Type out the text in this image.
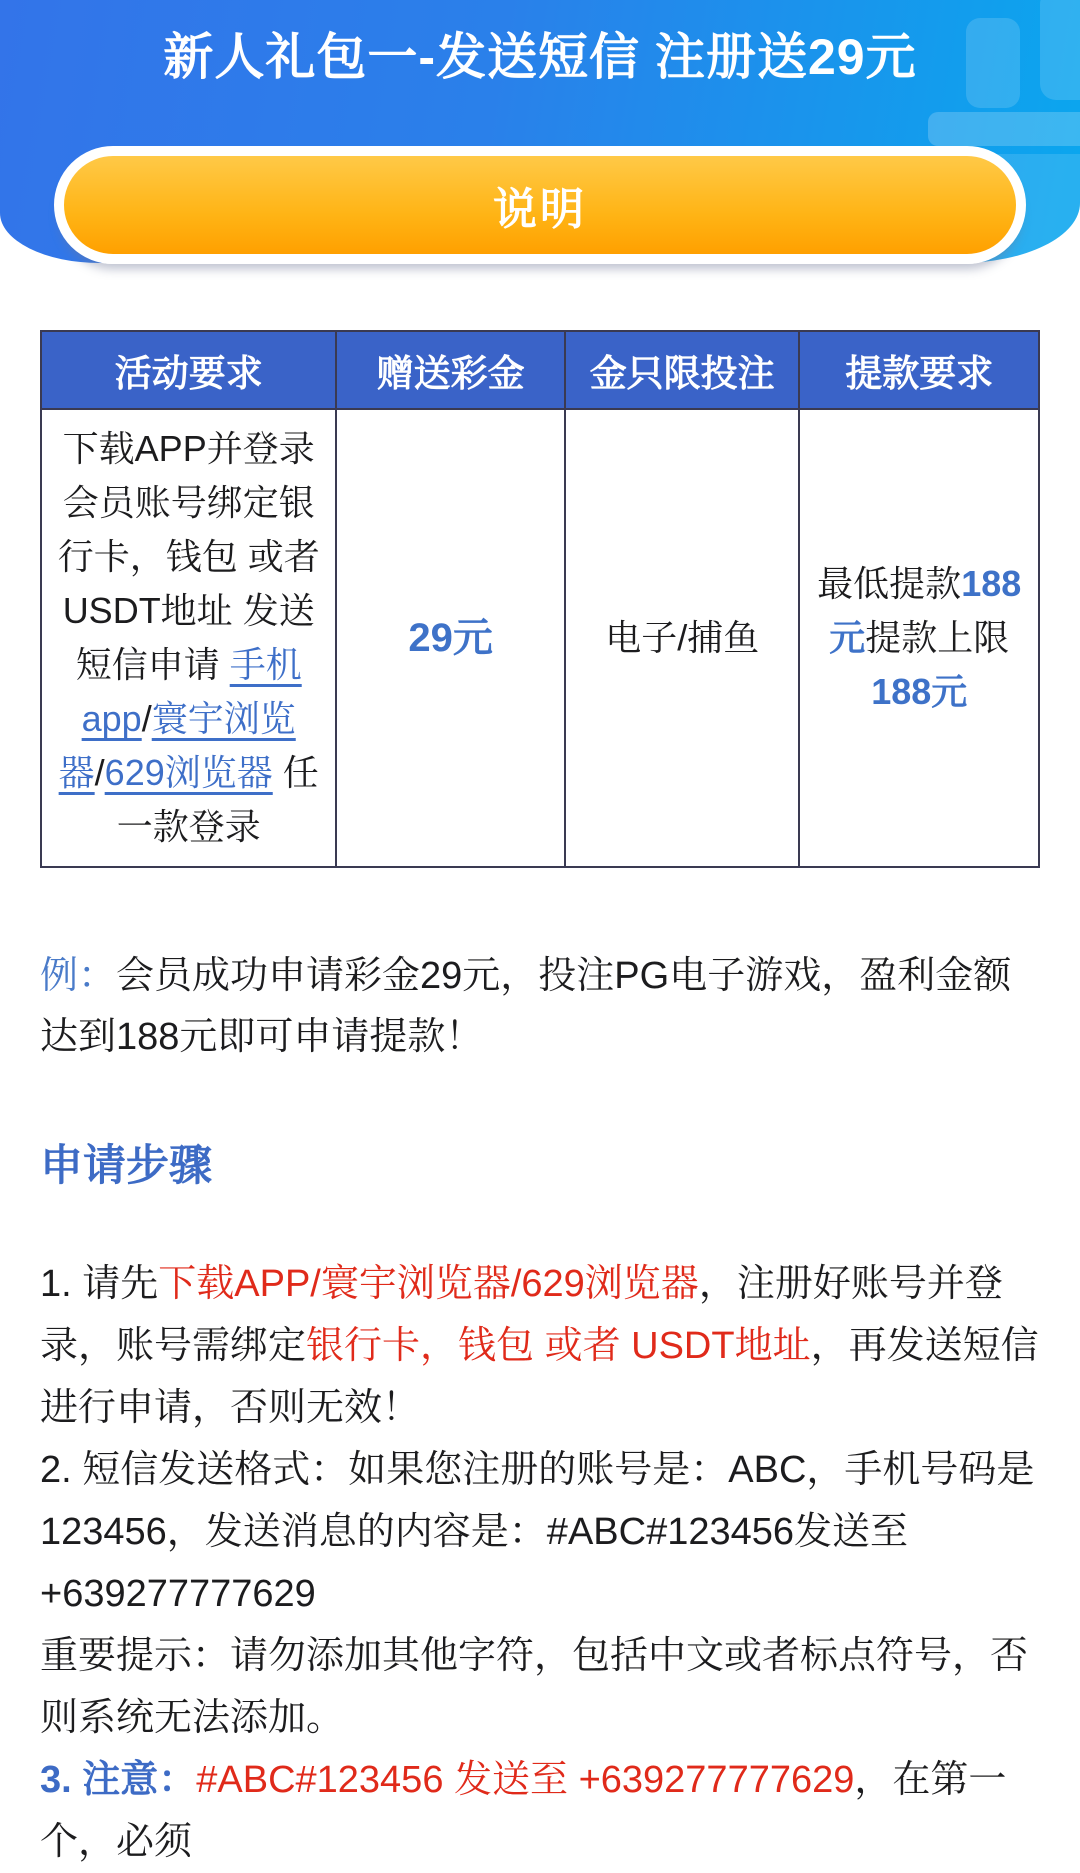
新人礼包一-发送短信 注册送29元
说明
活动要求	赠送彩金	金只限投注	提款要求
下载APP并登录 会员账号绑定银行卡，钱包 或者 USDT地址 发送短信申请 手机app/寰宇浏览器/629浏览器 任一款登录	29元	电子/捕鱼	最低提款188元提款上限188元

例：会员成功申请彩金29元，投注PG电子游戏，盈利金额达到188元即可申请提款！

申请步骤

1. 请先下载APP/寰宇浏览器/629浏览器，注册好账号并登录，账号需绑定银行卡，钱包 或者 USDT地址，再发送短信进行申请，否则无效！

2. 短信发送格式：如果您注册的账号是：ABC，手机号码是123456，发送消息的内容是：#ABC#123456发送至+639277777629

重要提示：请勿添加其他字符，包括中文或者标点符号，否则系统无法添加。

3. 注意：#ABC#123456 发送至 +639277777629，在第一个，必须
